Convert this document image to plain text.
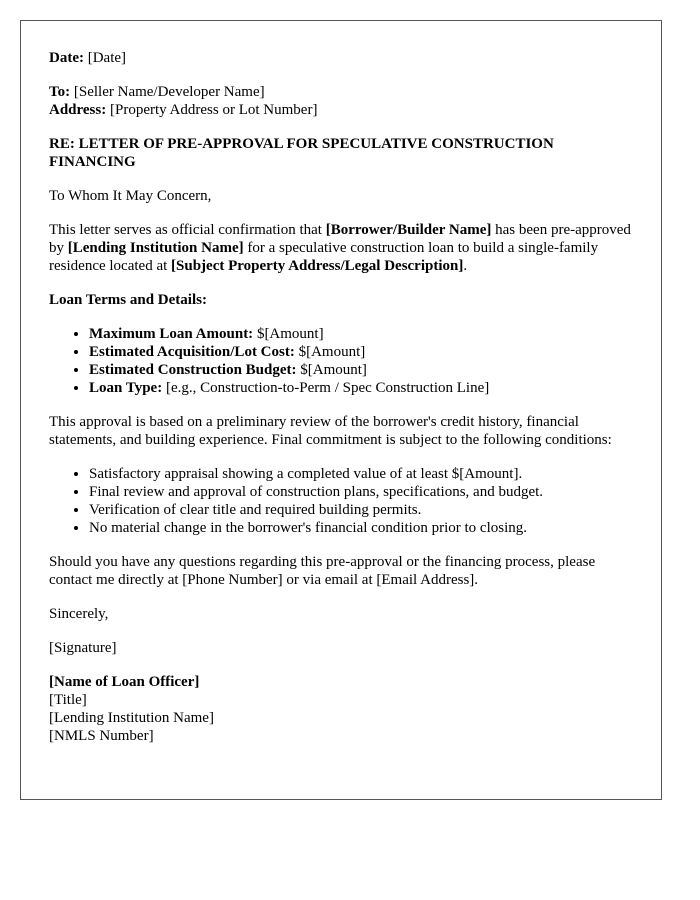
Date: [Date]

To: [Seller Name/Developer Name]
Address: [Property Address or Lot Number]

RE: LETTER OF PRE-APPROVAL FOR SPECULATIVE CONSTRUCTION FINANCING

To Whom It May Concern,

This letter serves as official confirmation that [Borrower/Builder Name] has been pre-approved by [Lending Institution Name] for a speculative construction loan to build a single-family residence located at [Subject Property Address/Legal Description].

Loan Terms and Details:

• Maximum Loan Amount: $[Amount]
• Estimated Acquisition/Lot Cost: $[Amount]
• Estimated Construction Budget: $[Amount]
• Loan Type: [e.g., Construction-to-Perm / Spec Construction Line]

This approval is based on a preliminary review of the borrower's credit history, financial statements, and building experience. Final commitment is subject to the following conditions:

• Satisfactory appraisal showing a completed value of at least $[Amount].
• Final review and approval of construction plans, specifications, and budget.
• Verification of clear title and required building permits.
• No material change in the borrower's financial condition prior to closing.

Should you have any questions regarding this pre-approval or the financing process, please contact me directly at [Phone Number] or via email at [Email Address].

Sincerely,

[Signature]

[Name of Loan Officer]
[Title]
[Lending Institution Name]
[NMLS Number]
